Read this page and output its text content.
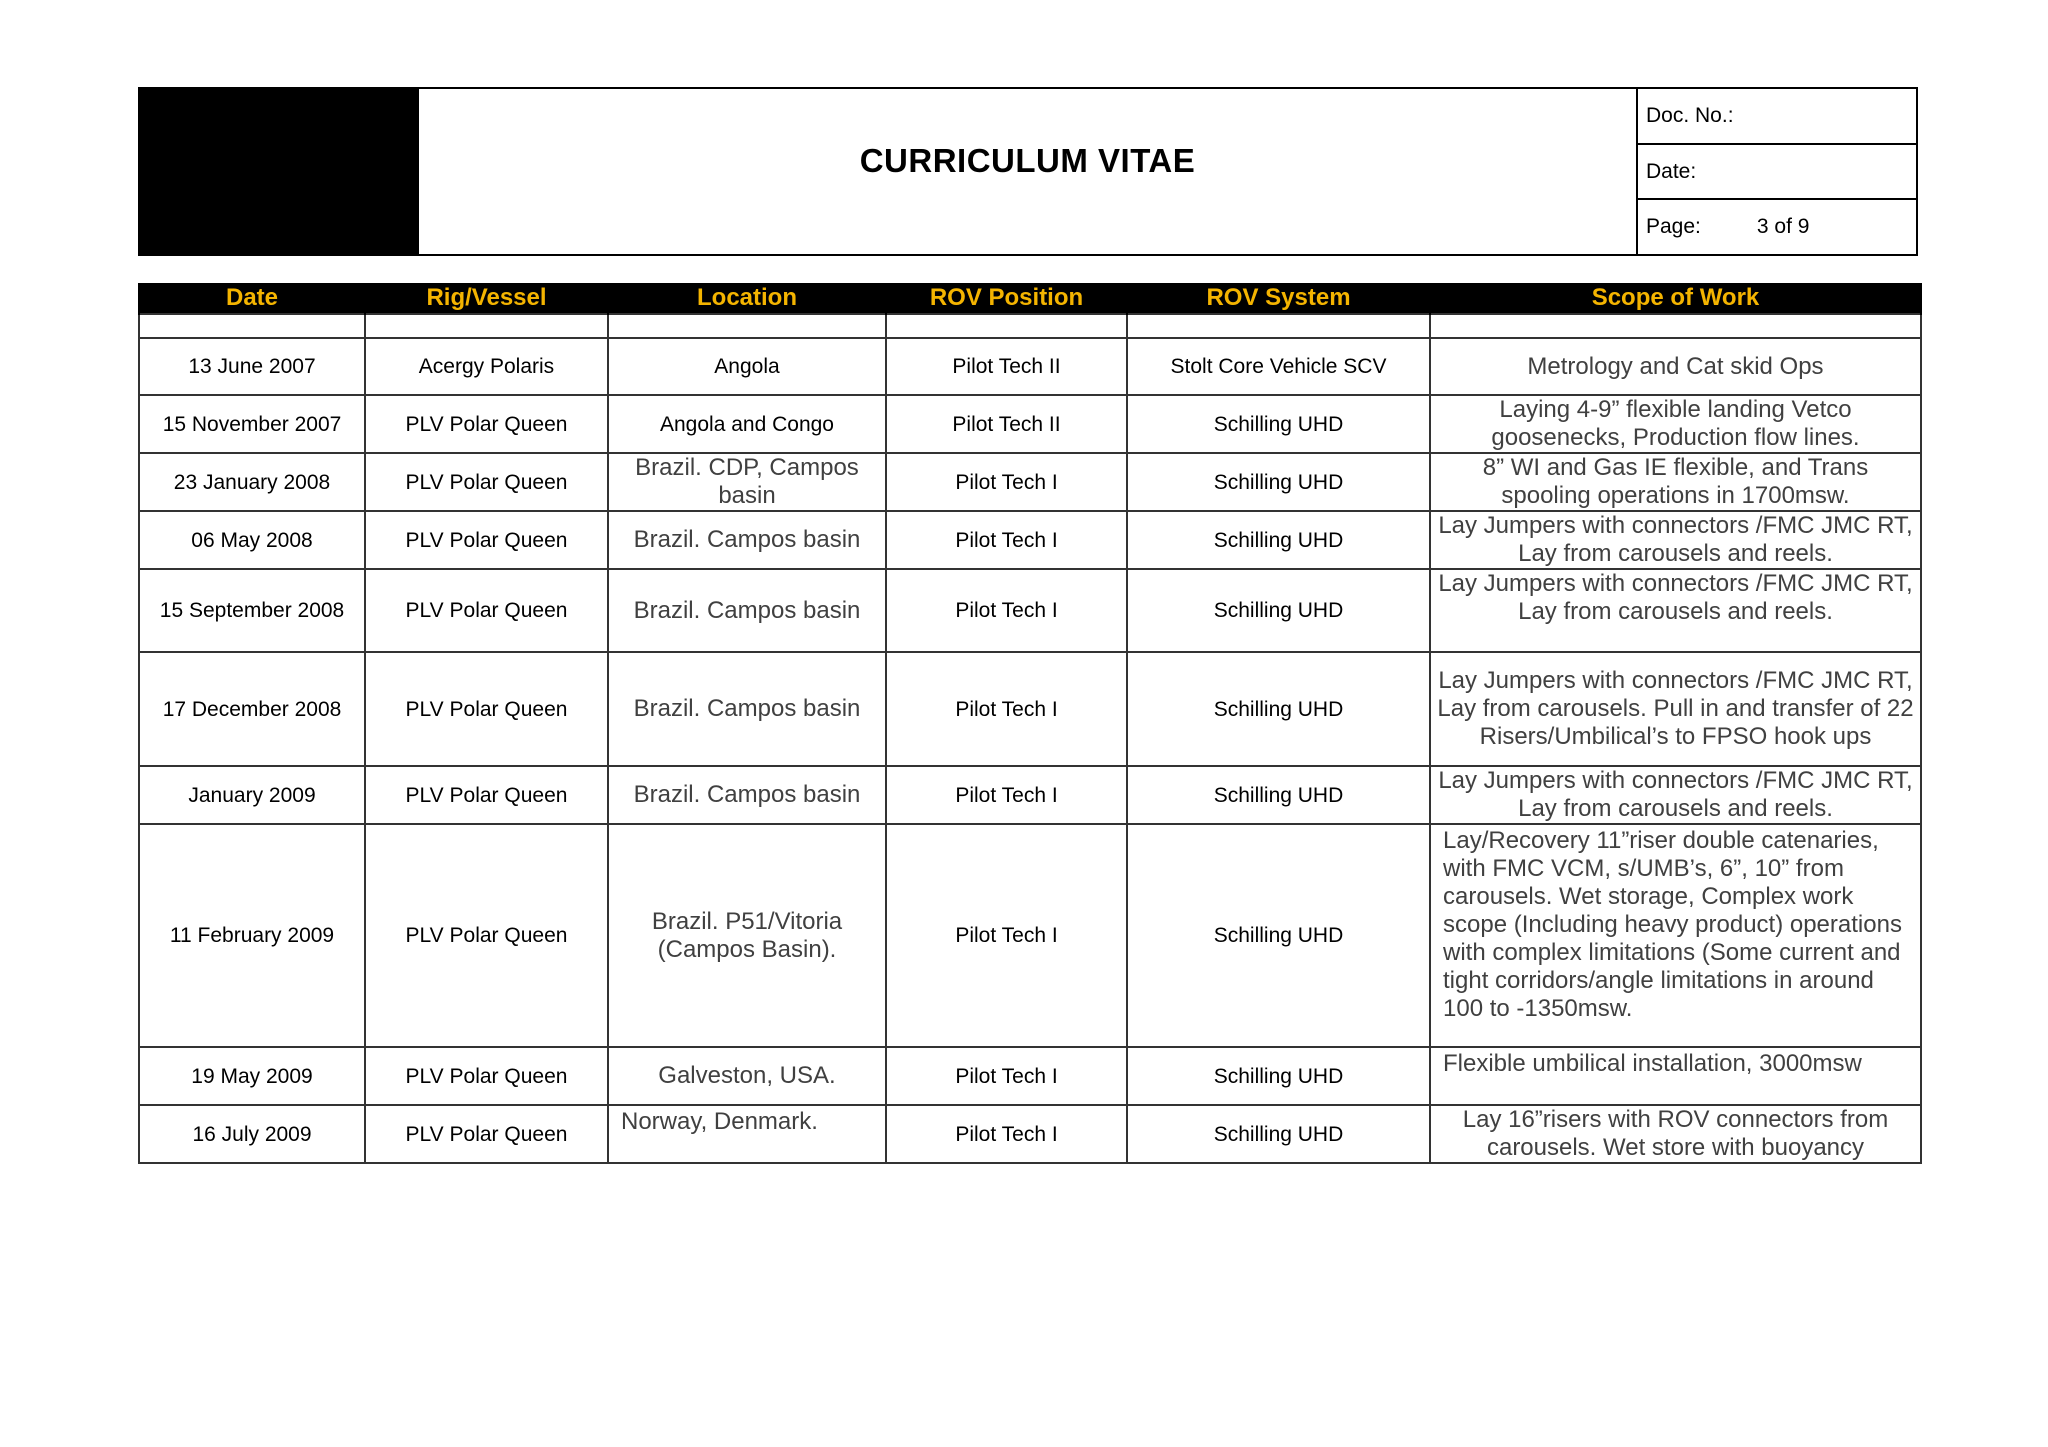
CURRICULUM VITAE
Doc. No.:
Date:
Page:	3 of 9
Date	Rig/Vessel	Location	ROV Position	ROV System	Scope of Work

13 June 2007	Acergy Polaris	Angola	Pilot Tech II	Stolt Core Vehicle SCV	Metrology and Cat skid Ops
15 November 2007	PLV Polar Queen	Angola and Congo	Pilot Tech II	Schilling UHD	Laying 4-9” flexible landing Vetco goosenecks, Production flow lines.
23 January 2008	PLV Polar Queen	Brazil. CDP, Campos basin	Pilot Tech I	Schilling UHD	8” WI and Gas IE flexible, and Trans spooling operations in 1700msw.
06 May 2008	PLV Polar Queen	Brazil. Campos basin	Pilot Tech I	Schilling UHD	Lay Jumpers with connectors /FMC JMC RT, Lay from carousels and reels.
15 September 2008	PLV Polar Queen	Brazil. Campos basin	Pilot Tech I	Schilling UHD	Lay Jumpers with connectors /FMC JMC RT, Lay from carousels and reels.
17 December 2008	PLV Polar Queen	Brazil. Campos basin	Pilot Tech I	Schilling UHD	Lay Jumpers with connectors /FMC JMC RT, Lay from carousels. Pull in and transfer of 22 Risers/Umbilical’s to FPSO hook ups
January 2009	PLV Polar Queen	Brazil. Campos basin	Pilot Tech I	Schilling UHD	Lay Jumpers with connectors /FMC JMC RT, Lay from carousels and reels.
11 February 2009	PLV Polar Queen	Brazil. P51/Vitoria (Campos Basin).	Pilot Tech I	Schilling UHD	Lay/Recovery 11”riser double catenaries, with FMC VCM, s/UMB’s, 6”, 10” from carousels. Wet storage, Complex work scope (Including heavy product) operations with complex limitations (Some current and tight corridors/angle limitations in around 100 to -1350msw.
19 May 2009	PLV Polar Queen	Galveston, USA.	Pilot Tech I	Schilling UHD	Flexible umbilical installation, 3000msw
16 July 2009	PLV Polar Queen	Norway, Denmark.	Pilot Tech I	Schilling UHD	Lay 16”risers with ROV connectors from carousels. Wet store with buoyancy
